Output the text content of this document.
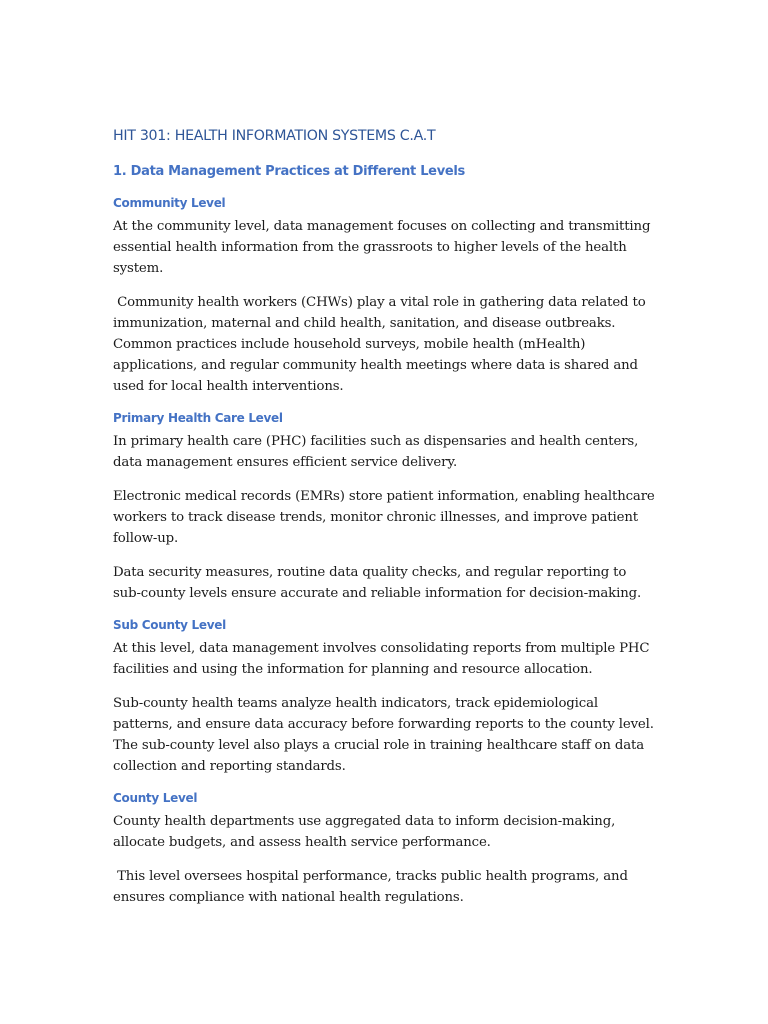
HIT 301: HEALTH INFORMATION SYSTEMS C.A.T
1. Data Management Practices at Different Levels
Community Level

At the community level, data management focuses on collecting and transmitting essential health information from the grassroots to higher levels of the health system.

Community health workers (CHWs) play a vital role in gathering data related to immunization, maternal and child health, sanitation, and disease outbreaks. Common practices include household surveys, mobile health (mHealth) applications, and regular community health meetings where data is shared and used for local health interventions.

Primary Health Care Level

In primary health care (PHC) facilities such as dispensaries and health centers, data management ensures efficient service delivery.

Electronic medical records (EMRs) store patient information, enabling healthcare workers to track disease trends, monitor chronic illnesses, and improve patient follow-up.

Data security measures, routine data quality checks, and regular reporting to sub-county levels ensure accurate and reliable information for decision-making.

Sub County Level

At this level, data management involves consolidating reports from multiple PHC facilities and using the information for planning and resource allocation.

Sub-county health teams analyze health indicators, track epidemiological patterns, and ensure data accuracy before forwarding reports to the county level. The sub-county level also plays a crucial role in training healthcare staff on data collection and reporting standards.

County Level

County health departments use aggregated data to inform decision-making, allocate budgets, and assess health service performance.

This level oversees hospital performance, tracks public health programs, and ensures compliance with national health regulations.
